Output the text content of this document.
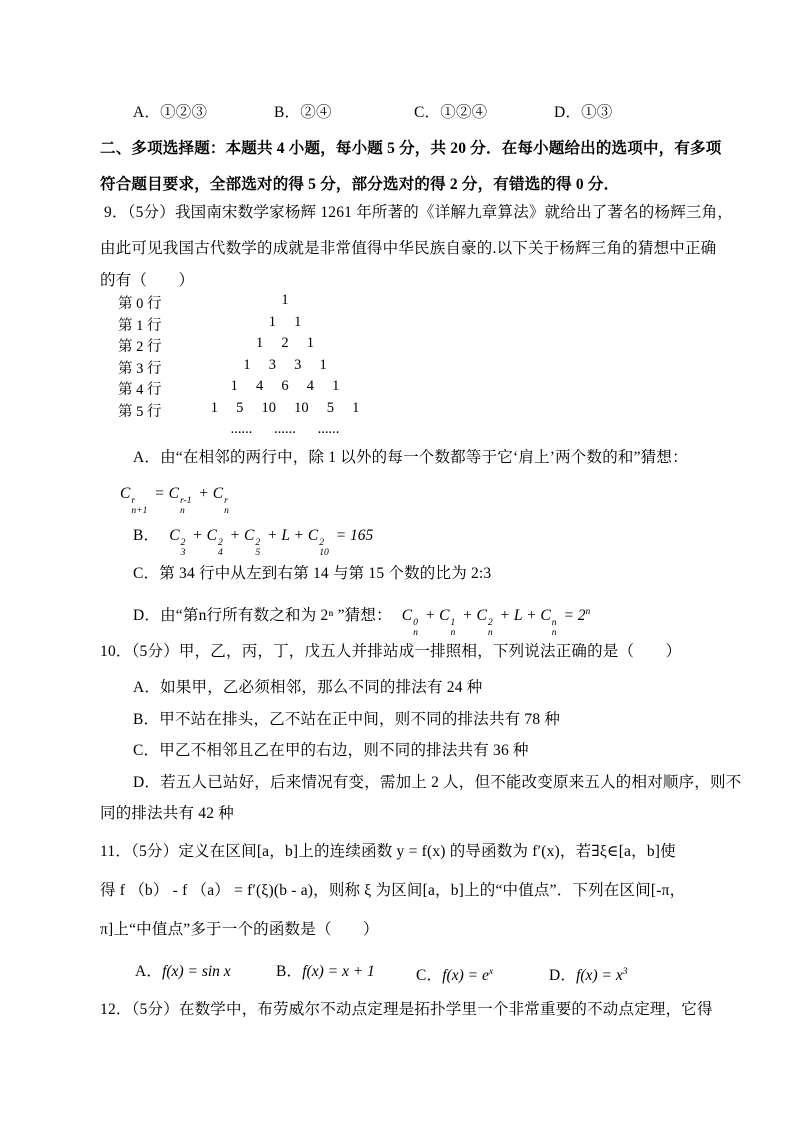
A．①②③	B．②④	C．①②④	D．①③
二、多项选择题：本题共 4 小题，每小题 5 分，共 20 分．在每小题给出的选项中，有多项
符合题目要求，全部选对的得 5 分，部分选对的得 2 分，有错选的得 0 分．
9．（5分）我国南宋数学家杨辉 1261 年所著的《详解九章算法》就给出了著名的杨辉三角，
由此可见我国古代数学的成就是非常值得中华民族自豪的.以下关于杨辉三角的猜想中正确
的有（　　）
第 0 行	1
第 1 行	1     1
第 2 行	1     2     1
第 3 行	1     3     3     1
第 4 行	1     4     6     4     1
第 5 行	1     5     10     10     5     1
......      ......      ......
A．由“在相邻的两行中，除 1 以外的每一个数都等于它‘肩上’两个数的和”猜想：
C r
n+1
= C r-1
n
+ C r
n
B． C 2
3
+ C 2
4
+ C 2
5
+ L + C 2
10
= 165
C．第 34 行中从左到右第 14 与第 15 个数的比为 2:3
D．由“第n行所有数之和为 2ⁿ ”猜想： C 0
n
+ C 1
n
+ C 2
n
+ L + C n
n
= $2^n$
10．（5分）甲，乙，丙，丁，戊五人并排站成一排照相，下列说法正确的是（　　）
A．如果甲，乙必须相邻，那么不同的排法有 24 种
B．甲不站在排头，乙不站在正中间，则不同的排法共有 78 种
C．甲乙不相邻且乙在甲的右边，则不同的排法共有 36 种
D．若五人已站好，后来情况有变，需加上 2 人，但不能改变原来五人的相对顺序，则不
同的排法共有 42 种
11．（5分）定义在区间[a，b]上的连续函数 y = f(x) 的导函数为 f′(x)，若∃ξ∈[a，b]使
得 f （b） - f （a） = f′(ξ)(b - a)，则称 ξ 为区间[a，b]上的“中值点”．下列在区间[-π，
π]上“中值点”多于一个的函数是（　　）
A．f(x) = sin x	B．f(x) = x + 1	C．$f(x) = e^x$	D．$f(x) = x^3$
12．（5分）在数学中，布劳威尔不动点定理是拓扑学里一个非常重要的不动点定理，它得
